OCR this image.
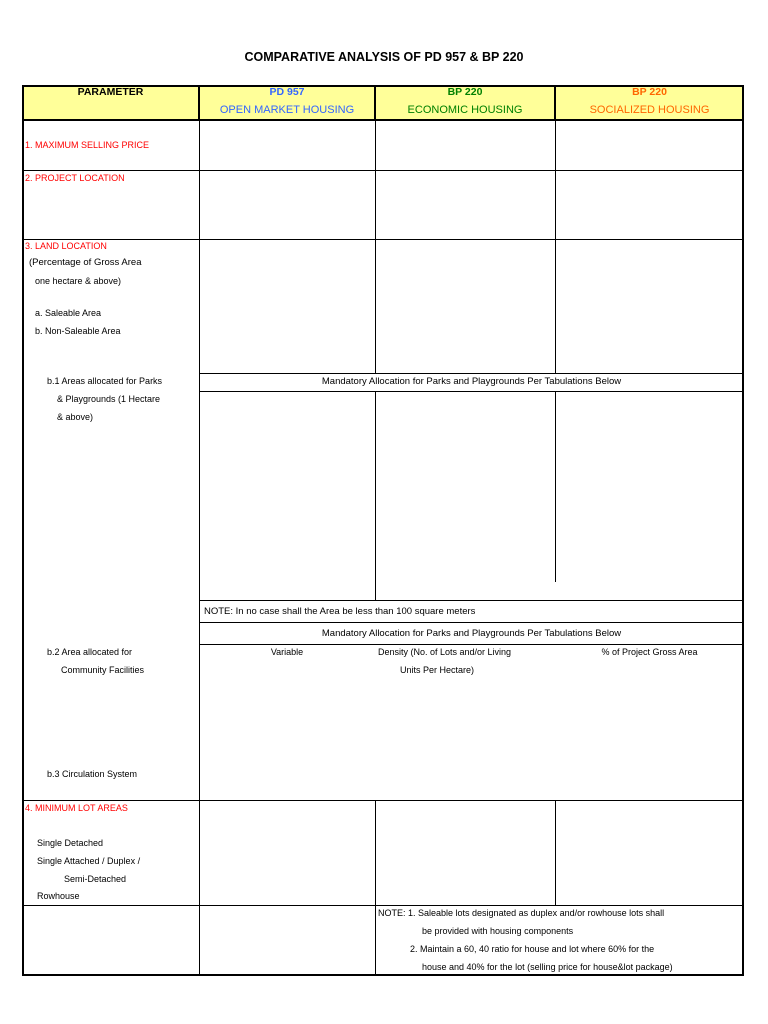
COMPARATIVE ANALYSIS OF PD 957 & BP 220
PARAMETER	PD 957
OPEN MARKET HOUSING
BP 220
ECONOMIC HOUSING
BP 220
SOCIALIZED HOUSING
1. MAXIMUM SELLING PRICE
2. PROJECT LOCATION
3. LAND LOCATION
(Percentage of Gross Area
one hectare & above)
a. Saleable Area
b. Non-Saleable Area
b.1 Areas allocated for Parks
& Playgrounds (1 Hectare
& above)
Mandatory Allocation for Parks and Playgrounds Per Tabulations Below
NOTE: In no case shall the Area be less than 100 square meters
Mandatory Allocation for Parks and Playgrounds Per Tabulations Below
b.2 Area allocated for
Community Facilities
Variable	Density (No. of Lots and/or Living
Units Per Hectare)
% of Project Gross Area
b.3 Circulation System
4. MINIMUM LOT AREAS
Single Detached
Single Attached / Duplex /
Semi-Detached
Rowhouse
NOTE: 1. Saleable lots designated as duplex and/or rowhouse lots shall
be provided with housing components
2. Maintain a 60, 40 ratio for house and lot where 60% for the
house and 40% for the lot (selling price for house&lot package)
